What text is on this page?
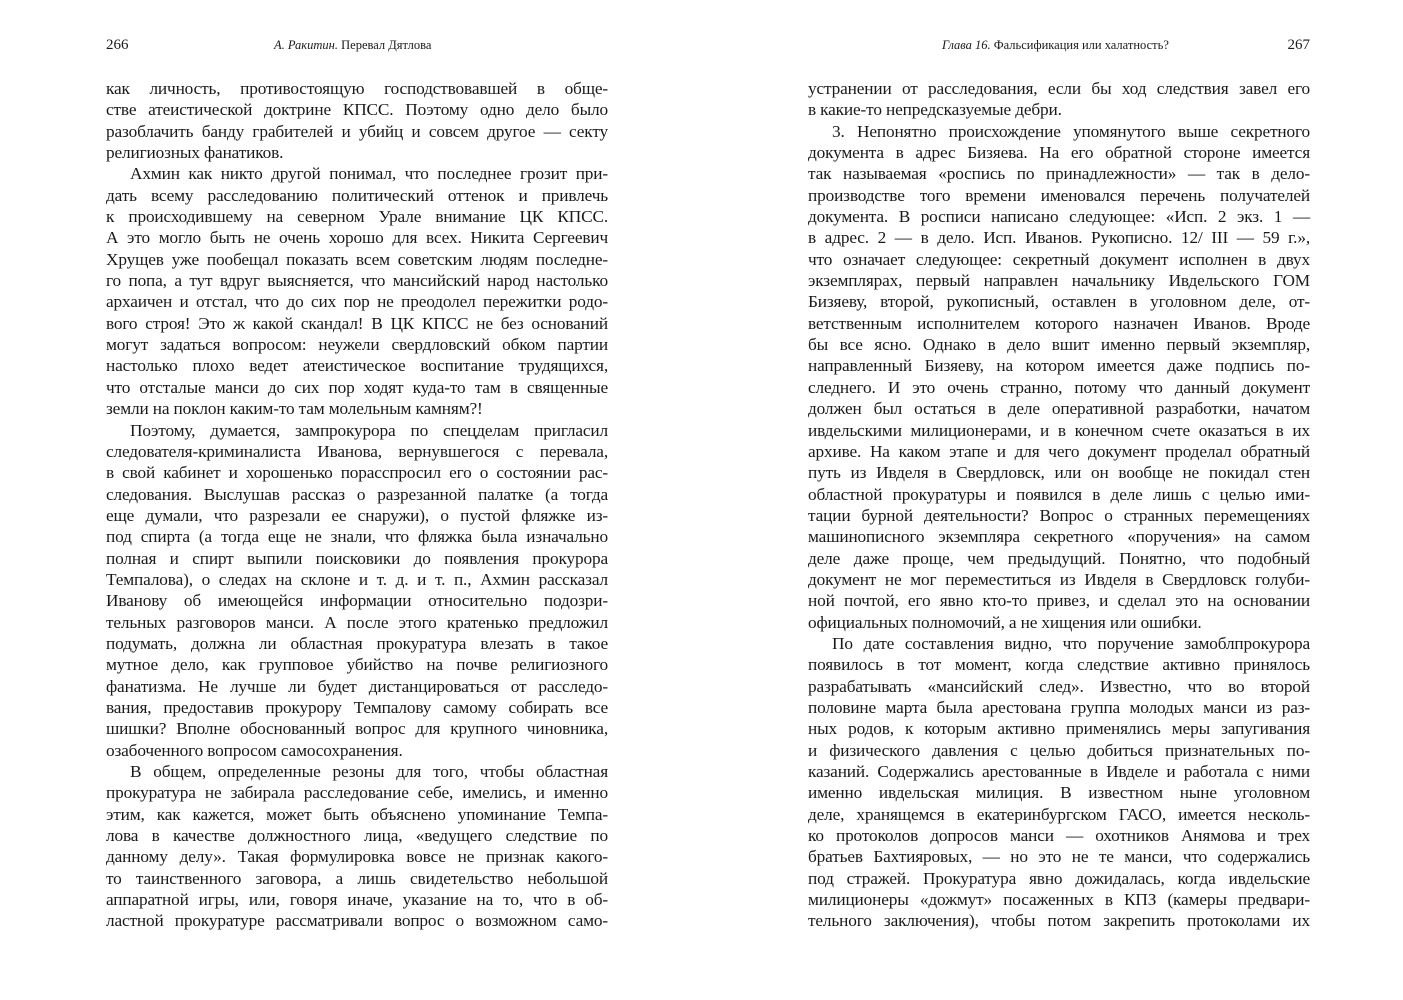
266	А. Ракитин. Перевал Дятлова
как личность, противостоящую господствовавшей в обще-
стве атеистической доктрине КПСС. Поэтому одно дело было
разоблачить банду грабителей и убийц и совсем другое — секту
религиозных фанатиков.
Ахмин как никто другой понимал, что последнее грозит при-
дать всему расследованию политический оттенок и привлечь
к происходившему на северном Урале внимание ЦК КПСС.
А это могло быть не очень хорошо для всех. Никита Сергеевич
Хрущев уже пообещал показать всем советским людям последне-
го попа, а тут вдруг выясняется, что мансийский народ настолько
архаичен и отстал, что до сих пор не преодолел пережитки родо-
вого строя! Это ж какой скандал! В ЦК КПСС не без оснований
могут задаться вопросом: неужели свердловский обком партии
настолько плохо ведет атеистическое воспитание трудящихся,
что отсталые манси до сих пор ходят куда-то там в священные
земли на поклон каким-то там молельным камням?!
Поэтому, думается, зампрокурора по спецделам пригласил
следователя-криминалиста Иванова, вернувшегося с перевала,
в свой кабинет и хорошенько порасспросил его о состоянии рас-
следования. Выслушав рассказ о разрезанной палатке (а тогда
еще думали, что разрезали ее снаружи), о пустой фляжке из-
под спирта (а тогда еще не знали, что фляжка была изначально
полная и спирт выпили поисковики до появления прокурора
Темпалова), о следах на склоне и т. д. и т. п., Ахмин рассказал
Иванову об имеющейся информации относительно подозри-
тельных разговоров манси. А после этого кратенько предложил
подумать, должна ли областная прокуратура влезать в такое
мутное дело, как групповое убийство на почве религиозного
фанатизма. Не лучше ли будет дистанцироваться от расследо-
вания, предоставив прокурору Темпалову самому собирать все
шишки? Вполне обоснованный вопрос для крупного чиновника,
озабоченного вопросом самосохранения.
В общем, определенные резоны для того, чтобы областная
прокуратура не забирала расследование себе, имелись, и именно
этим, как кажется, может быть объяснено упоминание Темпа-
лова в качестве должностного лица, «ведущего следствие по
данному делу». Такая формулировка вовсе не признак какого-
то таинственного заговора, а лишь свидетельство небольшой
аппаратной игры, или, говоря иначе, указание на то, что в об-
ластной прокуратуре рассматривали вопрос о возможном само-
Глава 16. Фальсификация или халатность?	267
устранении от расследования, если бы ход следствия завел его
в какие-то непредсказуемые дебри.
3. Непонятно происхождение упомянутого выше секретного
документа в адрес Бизяева. На его обратной стороне имеется
так называемая «роспись по принадлежности» — так в дело-
производстве того времени именовался перечень получателей
документа. В росписи написано следующее: «Исп. 2 экз. 1 —
в адрес. 2 — в дело. Исп. Иванов. Рукописно. 12/ III — 59 г.»,
что означает следующее: секретный документ исполнен в двух
экземплярах, первый направлен начальнику Ивдельского ГОМ
Бизяеву, второй, рукописный, оставлен в уголовном деле, от-
ветственным исполнителем которого назначен Иванов. Вроде
бы все ясно. Однако в дело вшит именно первый экземпляр,
направленный Бизяеву, на котором имеется даже подпись по-
следнего. И это очень странно, потому что данный документ
должен был остаться в деле оперативной разработки, начатом
ивдельскими милиционерами, и в конечном счете оказаться в их
архиве. На каком этапе и для чего документ проделал обратный
путь из Ивделя в Свердловск, или он вообще не покидал стен
областной прокуратуры и появился в деле лишь с целью ими-
тации бурной деятельности? Вопрос о странных перемещениях
машинописного экземпляра секретного «поручения» на самом
деле даже проще, чем предыдущий. Понятно, что подобный
документ не мог переместиться из Ивделя в Свердловск голуби-
ной почтой, его явно кто-то привез, и сделал это на основании
официальных полномочий, а не хищения или ошибки.
По дате составления видно, что поручение замоблпрокурора
появилось в тот момент, когда следствие активно принялось
разрабатывать «мансийский след». Известно, что во второй
половине марта была арестована группа молодых манси из раз-
ных родов, к которым активно применялись меры запугивания
и физического давления с целью добиться признательных по-
казаний. Содержались арестованные в Ивделе и работала с ними
именно ивдельская милиция. В известном ныне уголовном
деле, хранящемся в екатеринбургском ГАСО, имеется несколь-
ко протоколов допросов манси — охотников Анямова и трех
братьев Бахтияровых, — но это не те манси, что содержались
под стражей. Прокуратура явно дожидалась, когда ивдельские
милиционеры «дожмут» посаженных в КПЗ (камеры предвари-
тельного заключения), чтобы потом закрепить протоколами их
